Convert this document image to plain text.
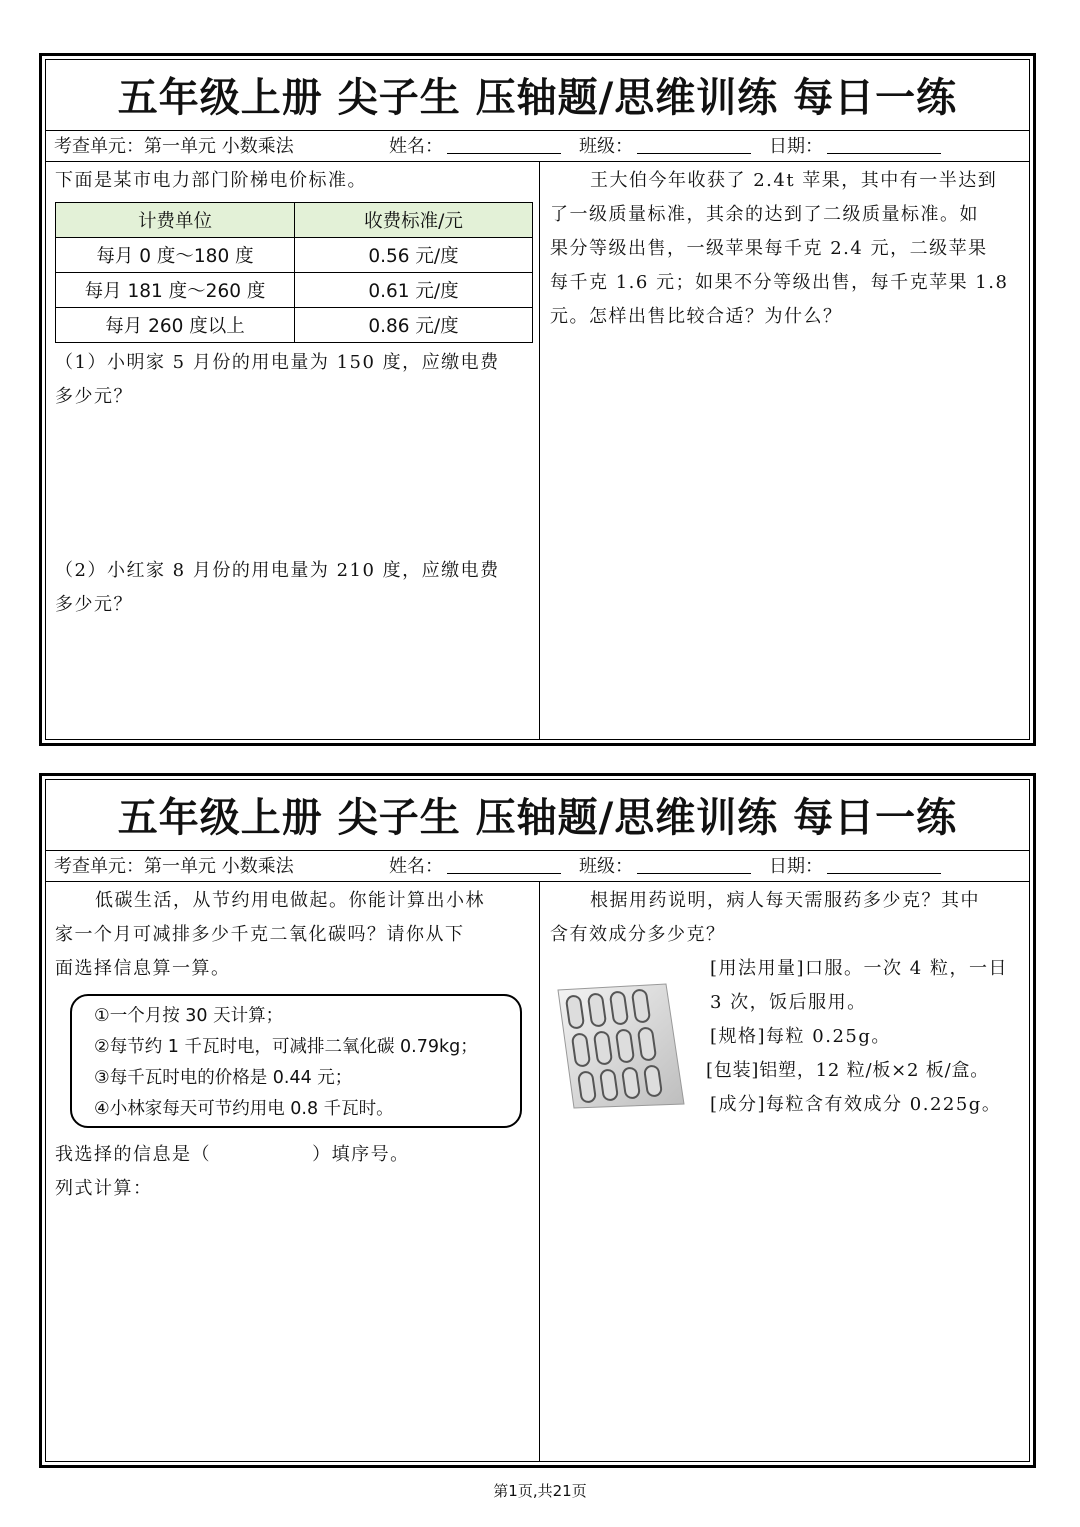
五年级上册 尖子生 压轴题/思维训练 每日一练
考查单元：第一单元 小数乘法	姓名：	班级：	日期：
下面是某市电力部门阶梯电价标准。
计费单位	收费标准/元
每月 0 度～180 度	0.56 元/度
每月 181 度～260 度	0.61 元/度
每月 260 度以上	0.86 元/度
（1）小明家 5 月份的用电量为 150 度，应缴电费
多少元？
（2）小红家 8 月份的用电量为 210 度，应缴电费
多少元？
王大伯今年收获了 2.4t 苹果，其中有一半达到
了一级质量标准，其余的达到了二级质量标准。如
果分等级出售，一级苹果每千克 2.4 元，二级苹果
每千克 1.6 元；如果不分等级出售，每千克苹果 1.8
元。怎样出售比较合适？为什么？
五年级上册 尖子生 压轴题/思维训练 每日一练
考查单元：第一单元 小数乘法	姓名：	班级：	日期：
低碳生活，从节约用电做起。你能计算出小林
家一个月可减排多少千克二氧化碳吗？请你从下
面选择信息算一算。
①一个月按 30 天计算；
②每节约 1 千瓦时电，可减排二氧化碳 0.79kg；
③每千瓦时电的价格是 0.44 元；
④小林家每天可节约用电 0.8 千瓦时。
我选择的信息是（              ）填序号。
列式计算：
根据用药说明，病人每天需服药多少克？其中
含有效成分多少克？
[用法用量]口服。一次 4 粒，一日
3 次，饭后服用。
[规格]每粒 0.25g。
[包装]铝塑，12 粒/板×2 板/盒。
[成分]每粒含有效成分 0.225g。
第1页,共21页
